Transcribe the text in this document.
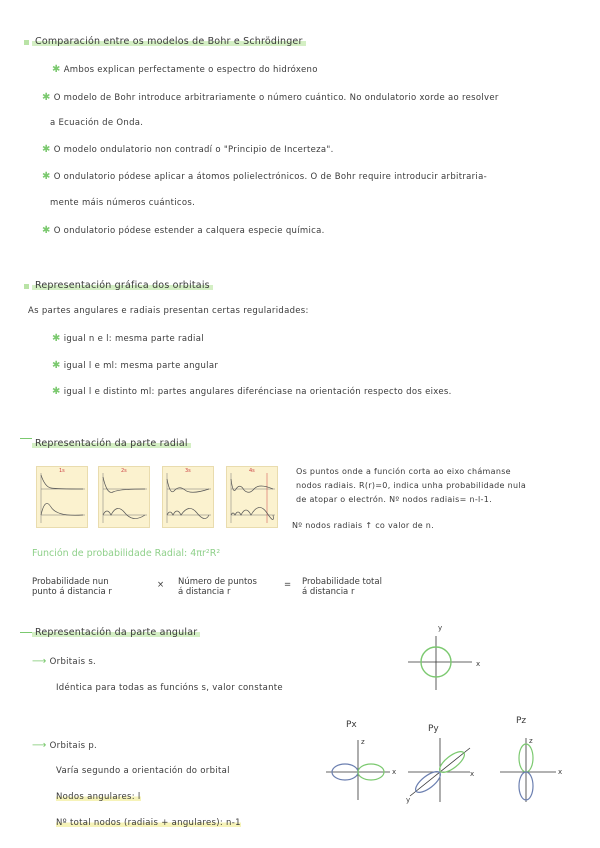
Comparación entre os modelos de Bohr e Schrödinger
✱ Ambos explican perfectamente o espectro do hidróxeno
✱ O modelo de Bohr introduce arbitrariamente o número cuántico. No ondulatorio xorde ao resolver
a Ecuación de Onda.
✱ O modelo ondulatorio non contradí o "Principio de Incerteza".
✱ O ondulatorio pódese aplicar a átomos polielectrónicos. O de Bohr require introducir arbitraria-
mente máis números cuánticos.
✱ O ondulatorio pódese estender a calquera especie química.
Representación gráfica dos orbitais
As partes angulares e radiais presentan certas regularidades:
✱ igual n e l: mesma parte radial
✱ igual l e ml: mesma parte angular
✱ igual l e distinto ml: partes angulares diferénciase na orientación respecto dos eixes.
Representación da parte radial
1s	2s	3s	4s	Os puntos onde a función corta ao eixo chámanse
nodos radiais. R(r)=0, indica unha probabilidade nula
de atopar o electrón. Nº nodos radiais= n-l-1.
Nº nodos radiais ↑ co valor de n.
Función de probabilidade Radial: 4πr²R²
Probabilidade nun
punto á distancia r
× Número de puntos
á distancia r
= Probabilidade total
á distancia r
Representación da parte angular
⟶ Orbitais s.
Idéntica para todas as funcións s, valor constante
y
x
⟶ Orbitais p.
Varía segundo a orientación do orbital
Nodos angulares: l
Nº total nodos (radiais + angulares): n-1
Px
z
x
Py
x
y
Pz
z
x
